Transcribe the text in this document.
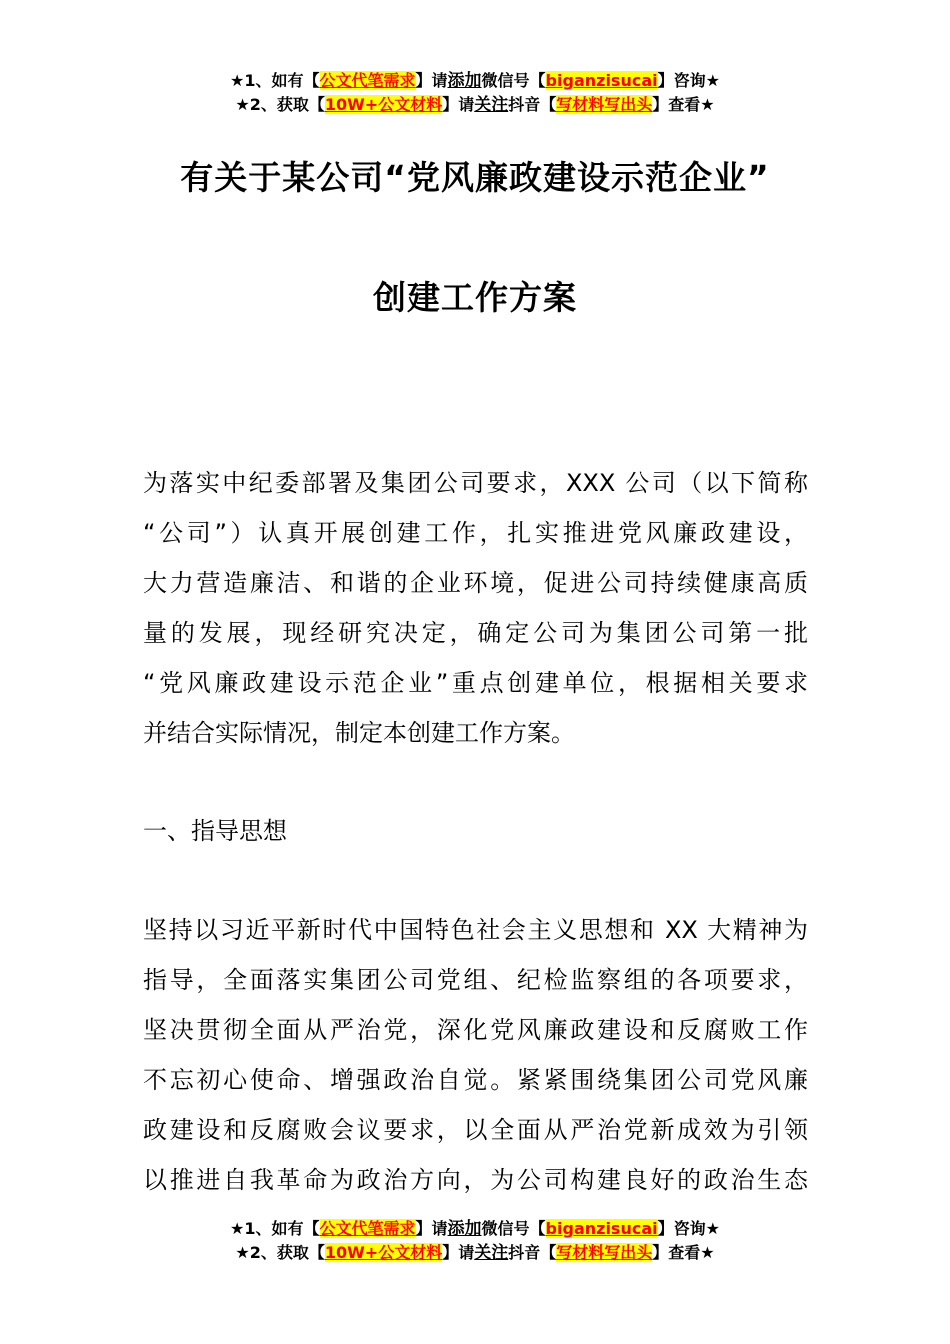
★1、如有【公文代笔需求】请添加微信号【biganzisucai】咨询★
★2、获取【10W+公文材料】请关注抖音【写材料写出头】查看★
有关于某公司“党风廉政建设示范企业”
创建工作方案
为落实中纪委部署及集团公司要求，XXX 公司（以下简称
“公司”）认真开展创建工作，扎实推进党风廉政建设，
大力营造廉洁、和谐的企业环境，促进公司持续健康高质
量的发展，现经研究决定，确定公司为集团公司第一批
“党风廉政建设示范企业”重点创建单位，根据相关要求
并结合实际情况，制定本创建工作方案。
一、指导思想
坚持以习近平新时代中国特色社会主义思想和 XX 大精神为
指导，全面落实集团公司党组、纪检监察组的各项要求，
坚决贯彻全面从严治党，深化党风廉政建设和反腐败工作
不忘初心使命、增强政治自觉。紧紧围绕集团公司党风廉
政建设和反腐败会议要求，以全面从严治党新成效为引领
以推进自我革命为政治方向，为公司构建良好的政治生态
★1、如有【公文代笔需求】请添加微信号【biganzisucai】咨询★
★2、获取【10W+公文材料】请关注抖音【写材料写出头】查看★
